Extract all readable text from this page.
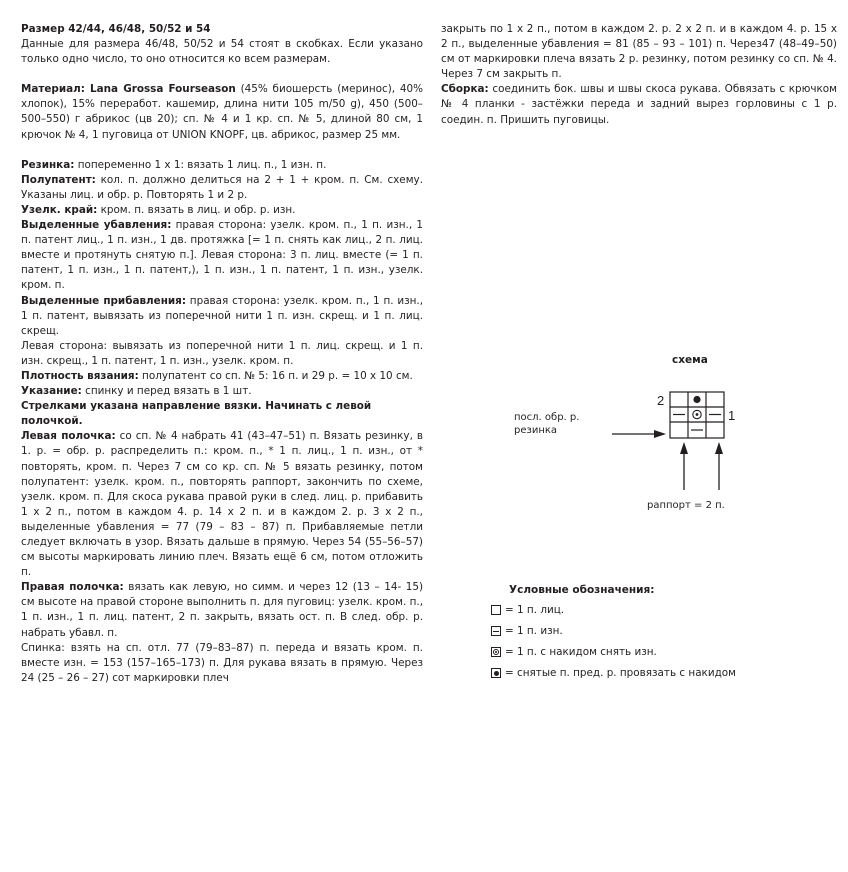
Размер 42/44, 46/48, 50/52 и 54

Данные для размера 46/48, 50/52 и 54 стоят в скобках. Если указано только одно число, то оно относится ко всем размерам.

Материал: Lana Grossa Fourseason (45% биошерсть (меринос), 40% хлопок), 15% переработ. кашемир, длина нити 105 m/50 g), 450 (500–500–550) г абрикос (цв 20); сп. № 4 и 1 кр. сп. № 5, длиной 80 см, 1 крючок № 4, 1 пуговица от UNION KNOPF, цв. абрикос, размер 25 мм.

Резинка: попеременно 1 х 1: вязать 1 лиц. п., 1 изн. п.

Полупатент: кол. п. должно делиться на 2 + 1 + кром. п. См. схему. Указаны лиц. и обр. р. Повторять 1 и 2 р.

Узелк. край: кром. п. вязать в лиц. и обр. р. изн.

Выделенные убавления: правая сторона: узелк. кром. п., 1 п. изн., 1 п. патент лиц., 1 п. изн., 1 дв. протяжка [= 1 п. снять как лиц., 2 п. лиц. вместе и протянуть снятую п.]. Левая сторона: 3 п. лиц. вместе (= 1 п. патент, 1 п. изн., 1 п. патент,), 1 п. изн., 1 п. патент, 1 п. изн., узелк. кром. п.

Выделенные прибавления: правая сторона: узелк. кром. п., 1 п. изн., 1 п. патент, вывязать из поперечной нити 1 п. изн. скрещ. и 1 п. лиц. скрещ.

Левая сторона: вывязать из поперечной нити 1 п. лиц. скрещ. и 1 п. изн. скрещ., 1 п. патент, 1 п. изн., узелк. кром. п.

Плотность вязания: полупатент со сп. № 5: 16 п. и 29 р. = 10 х 10 см.

Указание: спинку и перед вязать в 1 шт.

Стрелками указана направление вязки. Начинать с левой полочкой.

Левая полочка: со сп. № 4 набрать 41 (43–47–51) п. Вязать резинку, в 1. р. = обр. р. распределить п.: кром. п., * 1 п. лиц., 1 п. изн., от * повторять, кром. п. Через 7 см со кр. сп. № 5 вязать резинку, потом полупатент: узелк. кром. п., повторять раппорт, закончить по схеме, узелк. кром. п. Для скоса рукава правой руки в след. лиц. р. прибавить 1 х 2 п., потом в каждом 4. р. 14 х 2 п. и в каждом 2. р. 3 х 2 п., выделенные убавления = 77 (79 – 83 – 87) п. Прибавляемые петли следует включать в узор. Вязать дальше в прямую. Через 54 (55–56–57) см высоты маркировать линию плеч. Вязать ещё 6 см, потом отложить п.

Правая полочка: вязать как левую, но симм. и через 12 (13 – 14- 15) см высоте на правой стороне выполнить п. для пуговиц: узелк. кром. п., 1 п. изн., 1 п. лиц. патент, 2 п. закрыть, вязать ост. п. В след. обр. р. набрать убавл. п.

Спинка: взять на сп. отл. 77 (79–83–87) п. переда и вязать кром. п. вместе изн. = 153 (157–165–173) п. Для рукава вязать в прямую. Через 24 (25 – 26 – 27) сот маркировки плеч

закрыть по 1 х 2 п., потом в каждом 2. р. 2 х 2 п. и в каждом 4. р. 15 х 2 п., выделенные убавления = 81 (85 – 93 – 101) п. Через47 (48–49–50) см от маркировки плеча вязать 2 р. резинку, потом резинку со сп. № 4. Через 7 см закрыть п.

Сборка: соединить бок. швы и швы скоса рукава. Обвязать с крючком № 4 планки - застёжки переда и задний вырез горловины с 1 р. соедин. п. Пришить пуговицы.

схема
посл. обр. р.
резинка
раппорт = 2 п.
2
1
Условные обозначения:
= 1 п. лиц.
= 1 п. изн.
= 1 п. с накидом снять изн.
= снятые п. пред. р. провязать с накидом
